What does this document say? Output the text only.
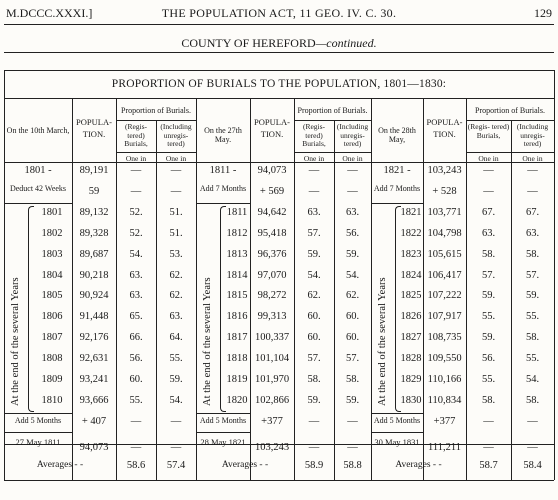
M.DCCC.XXXI.]	THE POPULATION ACT, 11 GEO. IV. C. 30.	129
COUNTY OF HEREFORD—continued.
PROPORTION OF BURIALS TO THE POPULATION, 1801—1830:
On the 10th March,
POPULA- TION.
Proportion of Burials.
(Regis- tered) Burials,
(Including unregis- tered)
One in	One in
1801 -	89,191	—	—
Deduct 42 Weeks	59	—	—
1801	89,132	52.	51.
1802	89,328	52.	51.
1803	89,687	54.	53.
1804	90,218	63.	62.
1805	90,924	63.	62.
1806	91,448	65.	63.
1807	92,176	66.	64.
1808	92,631	56.	55.
1809	93,241	60.	59.
1810	93,666	55.	54.
At the end of the several Years
Add 5 Months	+ 407	—	—
27 May 1811	94,073	—	—
Averages - -	58.6	57.4
On the 27th May.
POPULA- TION.
Proportion of Burials.
(Regis- tered) Burials,
(Including unregis- tered)
One in	One in
1811 -	94,073	—	—
Add 7 Months	+ 569	—	—
1811 94,642	63.	63.
1812 95,418	57.	56.
1813 96,376	59.	59.
1814 97,070	54.	54.
1815 98,272	62.	62.
1816 99,313	60.	60.
1817 100,337	60.	60.
1818 101,104	57.	57.
1819 101,970	58.	58.
1820 102,866	59.	59.
At the end of the several Years
Add 5 Months	+377	—	—
28 May 1821 103,243	—	—
Averages - -	58.9	58.8
On the 28th May,
POPULA- TION.
Proportion of Burials.
(Regis- tered) Burials,
(Including unregis- tered)
One in	One in
1821 -	103,243	—	—
Add 7 Months	+ 528	—	—
1821 103,771	67.	67.
1822 104,798	63.	63.
1823 105,615	58.	58.
1824 106,417	57.	57.
1825 107,222	59.	59.
1826 107,917	55.	55.
1827 108,735	59.	58.
1828 109,550	56.	55.
1829 110,166	55.	54.
1830 110,834	58.	58.
At the end of the several Years
Add 5 Months	+377	—	—
30 May 1831 111,211	—	—
Averages - -	58.7	58.4
